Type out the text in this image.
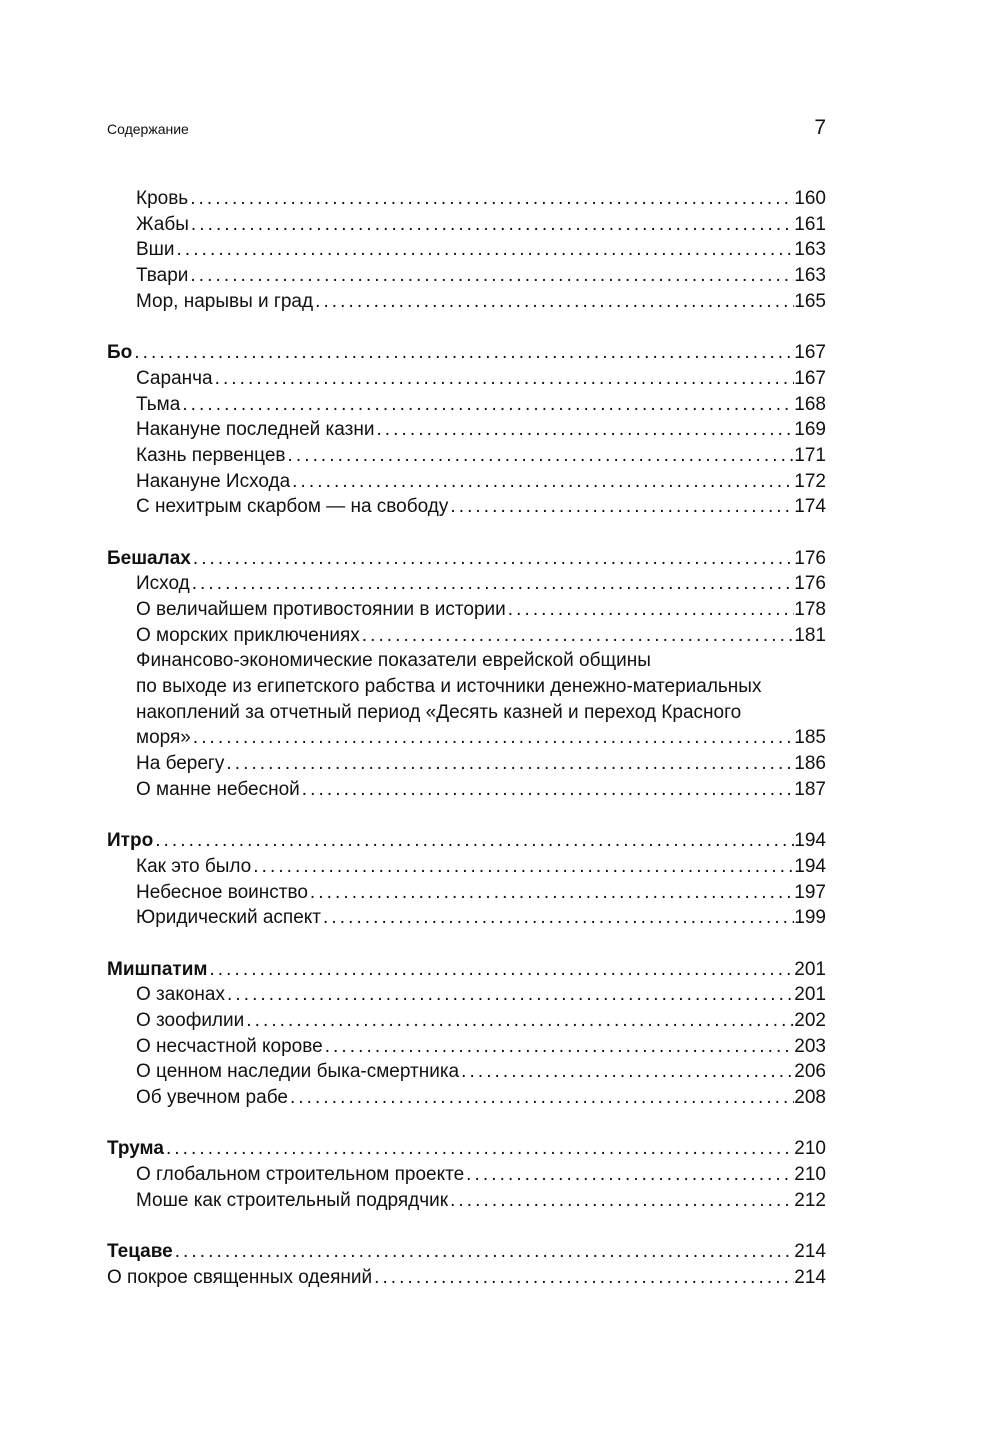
Содержание	7
Кровь . . .	160
Жабы . . .	161
Вши . . .	163
Твари . . .	163
Мор, нарывы и град . . .	165
Бо . . .	167
Саранча . . .	167
Тьма . . .	168
Накануне последней казни . . .	169
Казнь первенцев . . .	171
Накануне Исхода . . .	172
С нехитрым скарбом — на свободу . . .	174
Бешалах . . .	176
Исход . . .	176
О величайшем противостоянии в истории . . .	178
О морских приключениях . . .	181
Финансово-экономические показатели еврейской общины
по выходе из египетского рабства и источники денежно-материальных
накоплений за отчетный период «Десять казней и переход Красного
моря» . . .	185
На берегу . . .	186
О манне небесной . . .	187
Итро . . .	194
Как это было . . .	194
Небесное воинство . . .	197
Юридический аспект . . .	199
Мишпатим . . .	201
О законах . . .	201
О зоофилии . . .	202
О несчастной корове . . .	203
О ценном наследии быка-смертника . . .	206
Об увечном рабе . . .	208
Трума . . .	210
О глобальном строительном проекте . . .	210
Моше как строительный подрядчик . . .	212
Тецаве . . .	214
О покрое священных одеяний . . .	214
